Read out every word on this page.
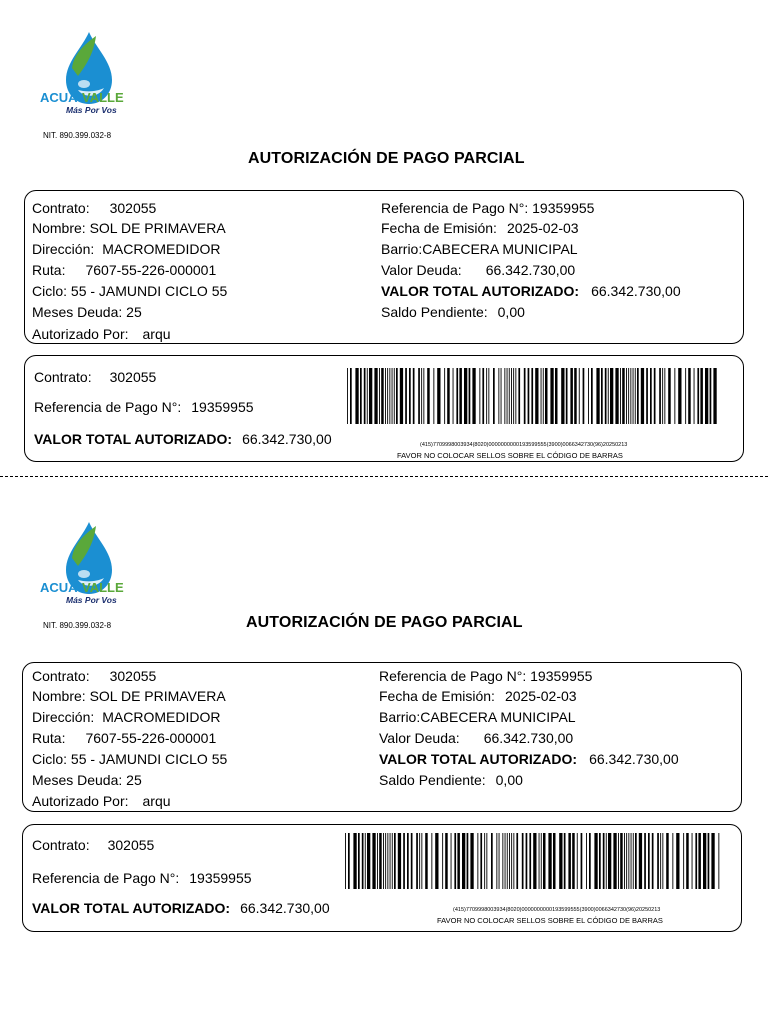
ACUA VALLE
Más Por Vos
NIT. 890.399.032-8
AUTORIZACIÓN DE PAGO PARCIAL
Contrato: 302055
Nombre: SOL DE PRIMAVERA
Dirección: MACROMEDIDOR
Ruta: 7607-55-226-000001
Ciclo: 55 - JAMUNDI CICLO 55
Meses Deuda: 25
Autorizado Por: arqu
Referencia de Pago N°: 19359955
Fecha de Emisión: 2025-02-03
Barrio:CABECERA MUNICIPAL
Valor Deuda: 66.342.730,00
VALOR TOTAL AUTORIZADO: 66.342.730,00
Saldo Pendiente: 0,00
Contrato: 302055
Referencia de Pago N°: 19359955
VALOR TOTAL AUTORIZADO: 66.342.730,00	(415)7709998003934(8020)0000000000193599555(3900)0066342730(96)20250213
FAVOR NO COLOCAR SELLOS SOBRE EL CÓDIGO DE BARRAS
ACUA VALLE
Más Por Vos
NIT. 890.399.032-8	AUTORIZACIÓN DE PAGO PARCIAL
Contrato: 302055
Nombre: SOL DE PRIMAVERA
Dirección: MACROMEDIDOR
Ruta: 7607-55-226-000001
Ciclo: 55 - JAMUNDI CICLO 55
Meses Deuda: 25
Autorizado Por: arqu
Referencia de Pago N°: 19359955
Fecha de Emisión: 2025-02-03
Barrio:CABECERA MUNICIPAL
Valor Deuda: 66.342.730,00
VALOR TOTAL AUTORIZADO: 66.342.730,00
Saldo Pendiente: 0,00
Contrato: 302055
Referencia de Pago N°: 19359955
VALOR TOTAL AUTORIZADO: 66.342.730,00	(415)7709998003934(8020)0000000000193599555(3900)0066342730(96)20250213
FAVOR NO COLOCAR SELLOS SOBRE EL CÓDIGO DE BARRAS
